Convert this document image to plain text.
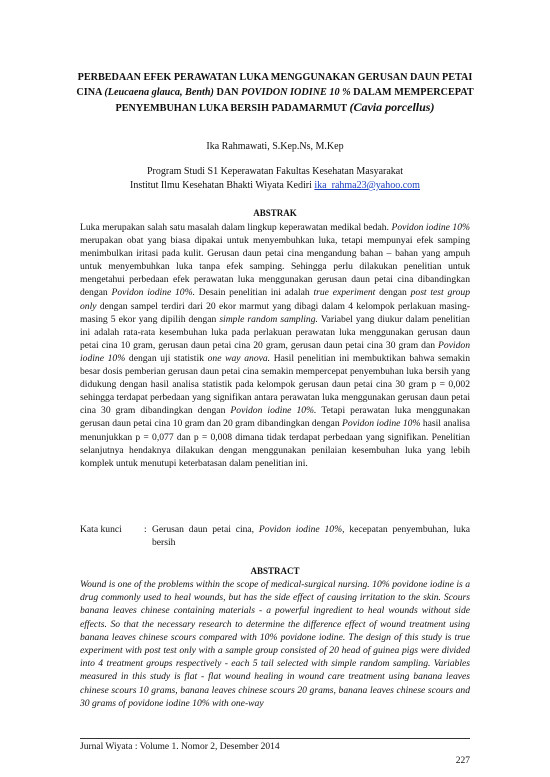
PERBEDAAN EFEK PERAWATAN LUKA MENGGUNAKAN GERUSAN DAUN PETAI CINA (Leucaena glauca, Benth) DAN POVIDON IODINE 10 % DALAM MEMPERCEPAT PENYEMBUHAN LUKA BERSIH PADAMARMUT (Cavia porcellus)
Ika Rahmawati, S.Kep.Ns, M.Kep
Program Studi S1 Keperawatan Fakultas Kesehatan Masyarakat
Institut Ilmu Kesehatan Bhakti Wiyata Kediri ika_rahma23@yahoo.com
ABSTRAK
Luka merupakan salah satu masalah dalam lingkup keperawatan medikal bedah. Povidon iodine 10% merupakan obat yang biasa dipakai untuk menyembuhkan luka, tetapi mempunyai efek samping menimbulkan iritasi pada kulit. Gerusan daun petai cina mengandung bahan – bahan yang ampuh untuk menyembuhkan luka tanpa efek samping. Sehingga perlu dilakukan penelitian untuk mengetahui perbedaan efek perawatan luka menggunakan gerusan daun petai cina dibandingkan dengan Povidon iodine 10%. Desain penelitian ini adalah true experiment dengan post test group only dengan sampel terdiri dari 20 ekor marmut yang dibagi dalam 4 kelompok perlakuan masing-masing 5 ekor yang dipilih dengan simple random sampling. Variabel yang diukur dalam penelitian ini adalah rata-rata kesembuhan luka pada perlakuan perawatan luka menggunakan gerusan daun petai cina 10 gram, gerusan daun petai cina 20 gram, gerusan daun petai cina 30 gram dan Povidon iodine 10% dengan uji statistik one way anova. Hasil penelitian ini membuktikan bahwa semakin besar dosis pemberian gerusan daun petai cina semakin mempercepat penyembuhan luka bersih yang didukung dengan hasil analisa statistik pada kelompok gerusan daun petai cina 30 gram p = 0,002 sehingga terdapat perbedaan yang signifikan antara perawatan luka menggunakan gerusan daun petai cina 30 gram dibandingkan dengan Povidon iodine 10%. Tetapi perawatan luka menggunakan gerusan daun petai cina 10 gram dan 20 gram dibandingkan dengan Povidon iodine 10% hasil analisa menunjukkan p = 0,077 dan p = 0,008 dimana tidak terdapat perbedaan yang signifikan. Penelitian selanjutnya hendaknya dilakukan dengan menggunakan penilaian kesembuhan luka yang lebih komplek untuk menutupi keterbatasan dalam penelitian ini.
Kata kunci	: Gerusan daun petai cina, Povidon iodine 10%, kecepatan penyembuhan, luka bersih
ABSTRACT
Wound is one of the problems within the scope of medical-surgical nursing. 10% povidone iodine is a drug commonly used to heal wounds, but has the side effect of causing irritation to the skin. Scours banana leaves chinese containing materials - a powerful ingredient to heal wounds without side effects. So that the necessary research to determine the difference effect of wound treatment using banana leaves chinese scours compared with 10% povidone iodine. The design of this study is true experiment with post test only with a sample group consisted of 20 head of guinea pigs were divided into 4 treatment groups respectively - each 5 tail selected with simple random sampling. Variables measured in this study is flat - flat wound healing in wound care treatment using banana leaves chinese scours 10 grams, banana leaves chinese scours 20 grams, banana leaves chinese scours and 30 grams of povidone iodine 10% with one-way
Jurnal Wiyata : Volume 1. Nomor 2, Desember 2014
227
